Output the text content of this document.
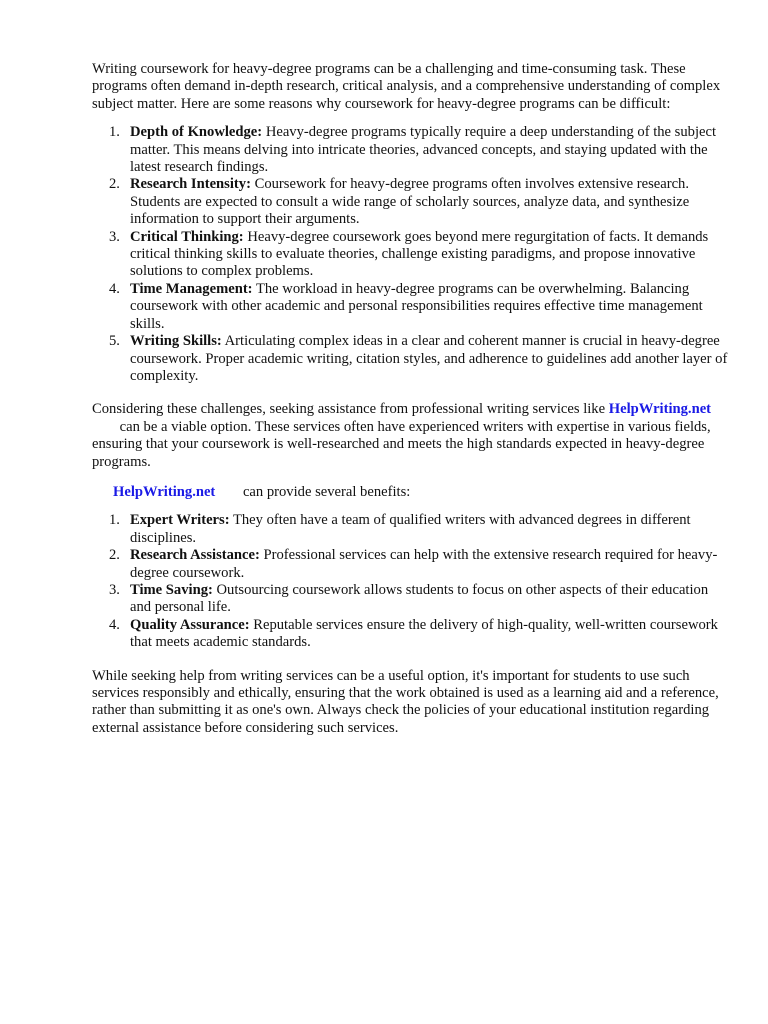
Writing coursework for heavy-degree programs can be a challenging and time-consuming task. These programs often demand in-depth research, critical analysis, and a comprehensive understanding of complex subject matter. Here are some reasons why coursework for heavy-degree programs can be difficult:

1. Depth of Knowledge: Heavy-degree programs typically require a deep understanding of the subject matter. This means delving into intricate theories, advanced concepts, and staying updated with the latest research findings.
2. Research Intensity: Coursework for heavy-degree programs often involves extensive research. Students are expected to consult a wide range of scholarly sources, analyze data, and synthesize information to support their arguments.
3. Critical Thinking: Heavy-degree coursework goes beyond mere regurgitation of facts. It demands critical thinking skills to evaluate theories, challenge existing paradigms, and propose innovative solutions to complex problems.
4. Time Management: The workload in heavy-degree programs can be overwhelming. Balancing coursework with other academic and personal responsibilities requires effective time management skills.
5. Writing Skills: Articulating complex ideas in a clear and coherent manner is crucial in heavy-degree coursework. Proper academic writing, citation styles, and adherence to guidelines add another layer of complexity.

Considering these challenges, seeking assistance from professional writing services like HelpWriting.net can be a viable option. These services often have experienced writers with expertise in various fields, ensuring that your coursework is well-researched and meets the high standards expected in heavy-degree programs.

HelpWriting.net can provide several benefits:

1. Expert Writers: They often have a team of qualified writers with advanced degrees in different disciplines.
2. Research Assistance: Professional services can help with the extensive research required for heavy-degree coursework.
3. Time Saving: Outsourcing coursework allows students to focus on other aspects of their education and personal life.
4. Quality Assurance: Reputable services ensure the delivery of high-quality, well-written coursework that meets academic standards.

While seeking help from writing services can be a useful option, it's important for students to use such services responsibly and ethically, ensuring that the work obtained is used as a learning aid and a reference, rather than submitting it as one's own. Always check the policies of your educational institution regarding external assistance before considering such services.
